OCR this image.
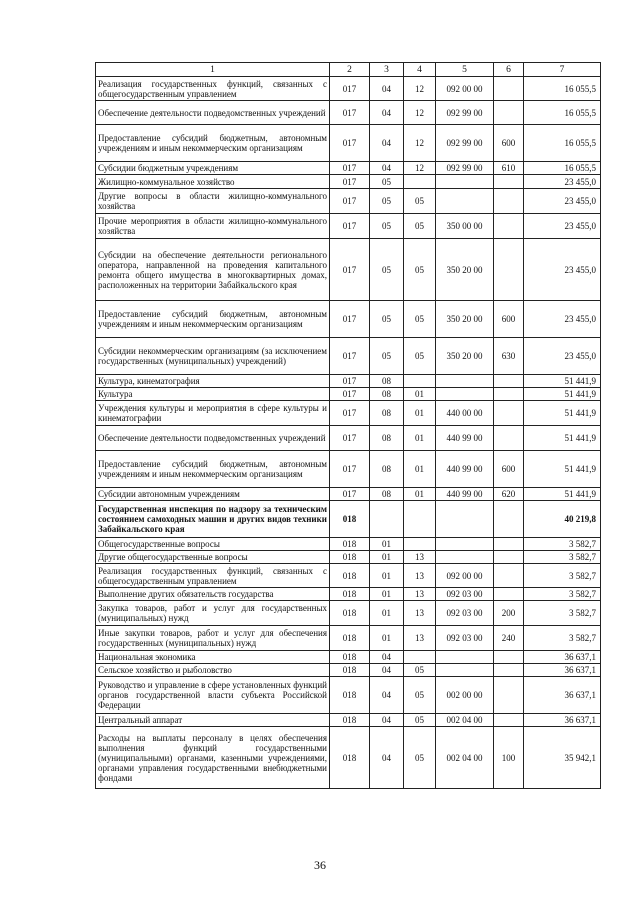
1	2	3	4	5	6	7
Реализация государственных функций, связанных с общегосударственным управлением	017	04	12	092 00 00		16 055,5
Обеспечение деятельности подведомственных учреждений	017	04	12	092 99 00		16 055,5
Предоставление субсидий бюджетным, автономным учреждениям и иным некоммерческим организациям	017	04	12	092 99 00	600	16 055,5
Субсидии бюджетным учреждениям	017	04	12	092 99 00	610	16 055,5
Жилищно-коммунальное хозяйство	017	05				23 455,0
Другие вопросы в области жилищно-коммунального хозяйства	017	05	05			23 455,0
Прочие мероприятия в области жилищно-коммунального хозяйства	017	05	05	350 00 00		23 455,0
Субсидии на обеспечение деятельности регионального оператора, направленной на проведения капитального ремонта общего имущества в многоквартирных домах, расположенных на территории Забайкальского края	017	05	05	350 20 00		23 455,0
Предоставление субсидий бюджетным, автономным учреждениям и иным некоммерческим организациям	017	05	05	350 20 00	600	23 455,0
Субсидии некоммерческим организациям (за исключением государственных (муниципальных) учреждений)	017	05	05	350 20 00	630	23 455,0
Культура, кинематография	017	08				51 441,9
Культура	017	08	01			51 441,9
Учреждения культуры и мероприятия в сфере культуры и кинематографии	017	08	01	440 00 00		51 441,9
Обеспечение деятельности подведомственных учреждений	017	08	01	440 99 00		51 441,9
Предоставление субсидий бюджетным, автономным учреждениям и иным некоммерческим организациям	017	08	01	440 99 00	600	51 441,9
Субсидии автономным учреждениям	017	08	01	440 99 00	620	51 441,9
Государственная инспекция по надзору за техническим состоянием самоходных машин и других видов техники Забайкальского края	018					40 219,8
Общегосударственные вопросы	018	01				3 582,7
Другие общегосударственные вопросы	018	01	13			3 582,7
Реализация государственных функций, связанных с общегосударственным управлением	018	01	13	092 00 00		3 582,7
Выполнение других обязательств государства	018	01	13	092 03 00		3 582,7
Закупка товаров, работ и услуг для государственных (муниципальных) нужд	018	01	13	092 03 00	200	3 582,7
Иные закупки товаров, работ и услуг для обеспечения государственных (муниципальных) нужд	018	01	13	092 03 00	240	3 582,7
Национальная экономика	018	04				36 637,1
Сельское хозяйство и рыболовство	018	04	05			36 637,1
Руководство и управление в сфере установленных функций органов государственной власти субъекта Российской Федерации	018	04	05	002 00 00		36 637,1
Центральный аппарат	018	04	05	002 04 00		36 637,1
Расходы на выплаты персоналу в целях обеспечения выполнения функций государственными (муниципальными) органами, казенными учреждениями, органами управления государственными внебюджетными фондами	018	04	05	002 04 00	100	35 942,1
36
